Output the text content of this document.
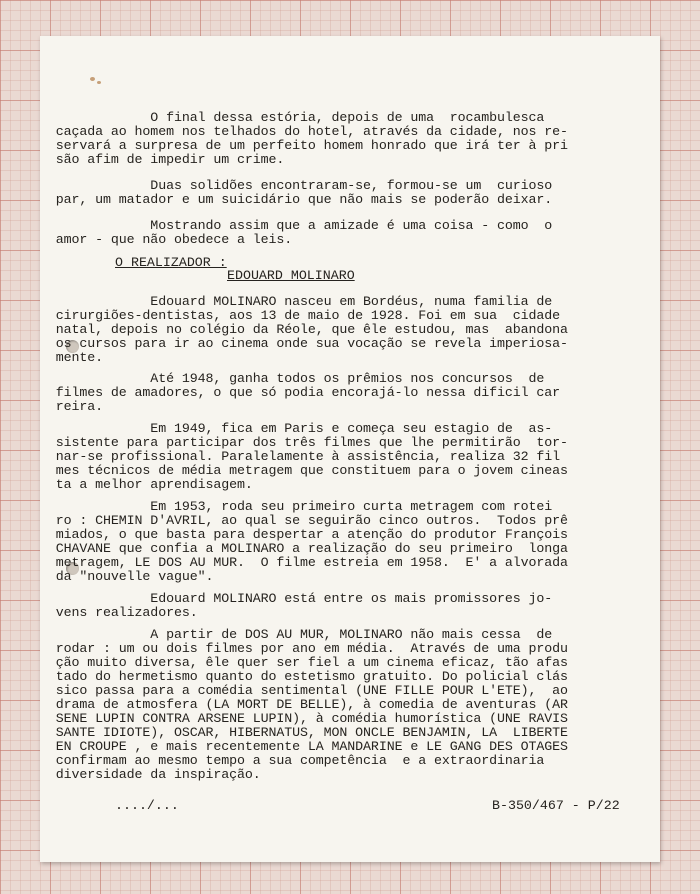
O final dessa estória, depois de uma  rocambulesca

caçada ao homem nos telhados do hotel, através da cidade, nos re-

servará a surpresa de um perfeito homem honrado que irá ter à pri

são afim de impedir um crime.

Duas solidões encontraram-se, formou-se um  curioso

par, um matador e um suicidário que não mais se poderão deixar.

Mostrando assim que a amizade é uma coisa - como  o

amor - que não obedece a leis.

O REALIZADOR :

EDOUARD MOLINARO

Edouard MOLINARO nasceu em Bordéus, numa familia de

cirurgiões-dentistas, aos 13 de maio de 1928. Foi em sua  cidade

natal, depois no colégio da Réole, que êle estudou, mas  abandona

os cursos para ir ao cinema onde sua vocação se revela imperiosa-

mente.

Até 1948, ganha todos os prêmios nos concursos  de

filmes de amadores, o que só podia encorajá-lo nessa dificil car

reira.

Em 1949, fica em Paris e começa seu estagio de  as-

sistente para participar dos três filmes que lhe permitirão  tor-

nar-se profissional. Paralelamente à assistência, realiza 32 fil

mes técnicos de média metragem que constituem para o jovem cineas

ta a melhor aprendisagem.

Em 1953, roda seu primeiro curta metragem com rotei

ro : CHEMIN D'AVRIL, ao qual se seguirão cinco outros.  Todos prê

miados, o que basta para despertar a atenção do produtor François

CHAVANE que confia a MOLINARO a realização do seu primeiro  longa

metragem, LE DOS AU MUR.  O filme estreia em 1958.  E' a alvorada

da "nouvelle vague".

Edouard MOLINARO está entre os mais promissores jo-

vens realizadores.

A partir de DOS AU MUR, MOLINARO não mais cessa  de

rodar : um ou dois filmes por ano em média.  Através de uma produ

ção muito diversa, êle quer ser fiel a um cinema eficaz, tão afas

tado do hermetismo quanto do estetismo gratuito. Do policial clás

sico passa para a comédia sentimental (UNE FILLE POUR L'ETE),  ao

drama de atmosfera (LA MORT DE BELLE), à comedia de aventuras (AR

SENE LUPIN CONTRA ARSENE LUPIN), à comédia humorística (UNE RAVIS

SANTE IDIOTE), OSCAR, HIBERNATUS, MON ONCLE BENJAMIN, LA  LIBERTE

EN CROUPE , e mais recentemente LA MANDARINE e LE GANG DES OTAGES

confirmam ao mesmo tempo a sua competência  e a extraordinaria

diversidade da inspiração.

..../...	B-350/467 - P/22
